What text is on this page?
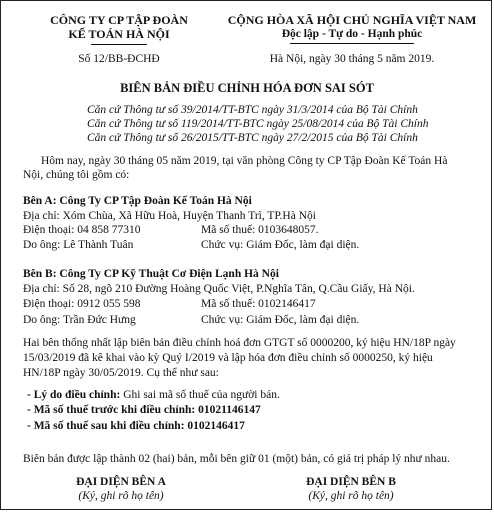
CÔNG TY CP TẬP ĐOÀN
KẾ TOÁN HÀ NỘI
Số 12/BB-ĐCHĐ
CỘNG HÒA XÃ HỘI CHỦ NGHĨA VIỆT NAM
Độc lập - Tự do - Hạnh phúc
Hà Nội, ngày 30 tháng 5 năm 2019.
BIÊN BẢN ĐIỀU CHỈNH HÓA ĐƠN SAI SÓT
Căn cứ Thông tư số 39/2014/TT-BTC ngày 31/3/2014 của Bộ Tài Chính
Căn cứ Thông tư số 119/2014/TT-BTC ngày 25/08/2014 của Bộ Tài Chính
Căn cứ Thông tư số 26/2015/TT-BTC ngày 27/2/2015 của Bộ Tài Chính
Hôm nay, ngày 30 tháng 05 năm 2019, tại văn phòng Công ty CP Tập Đoàn Kế Toán Hà
Nội, chúng tôi gồm có:
Bên A: Công Ty CP Tập Đoàn Kế Toán Hà Nội
Địa chỉ: Xóm Chùa, Xã Hữu Hoà, Huyện Thanh Trì, TP.Hà Nội
Điện thoại: 04 858 77310	Mã số thuế: 0103648057.
Do ông: Lê Thành Tuân	Chức vụ: Giám Đốc, làm đại diện.
Bên B: Công Ty CP Kỹ Thuật Cơ Điện Lạnh Hà Nội
Địa chỉ: Số 28, ngõ 210 Đường Hoàng Quốc Việt, P.Nghĩa Tân, Q.Cầu Giấy, Hà Nội.
Điện thoại: 0912 055 598	Mã số thuế: 0102146417
Do ông: Trần Đức Hưng	Chức vụ: Giám Đốc, làm đại diện.
Hai bên thống nhất lập biên bản điều chỉnh hoá đơn GTGT số 0000200, ký hiệu HN/18P ngày
15/03/2019 đã kê khai vào kỳ Quý I/2019 và lập hóa đơn điều chỉnh số 0000250, ký hiệu
HN/18P ngày 30/05/2019. Cụ thể như sau:
- Lý do điều chỉnh: Ghi sai mã số thuế của người bán.
- Mã số thuế trước khi điều chỉnh: 01021146147
- Mã số thuế sau khi điều chỉnh: 0102146417
Biên bản được lập thành 02 (hai) bản, mỗi bên giữ 01 (một) bản, có giá trị pháp lý như nhau.
ĐẠI DIỆN BÊN A
(Ký, ghi rõ họ tên)
ĐẠI DIỆN BÊN B
(Ký, ghi rõ họ tên)
